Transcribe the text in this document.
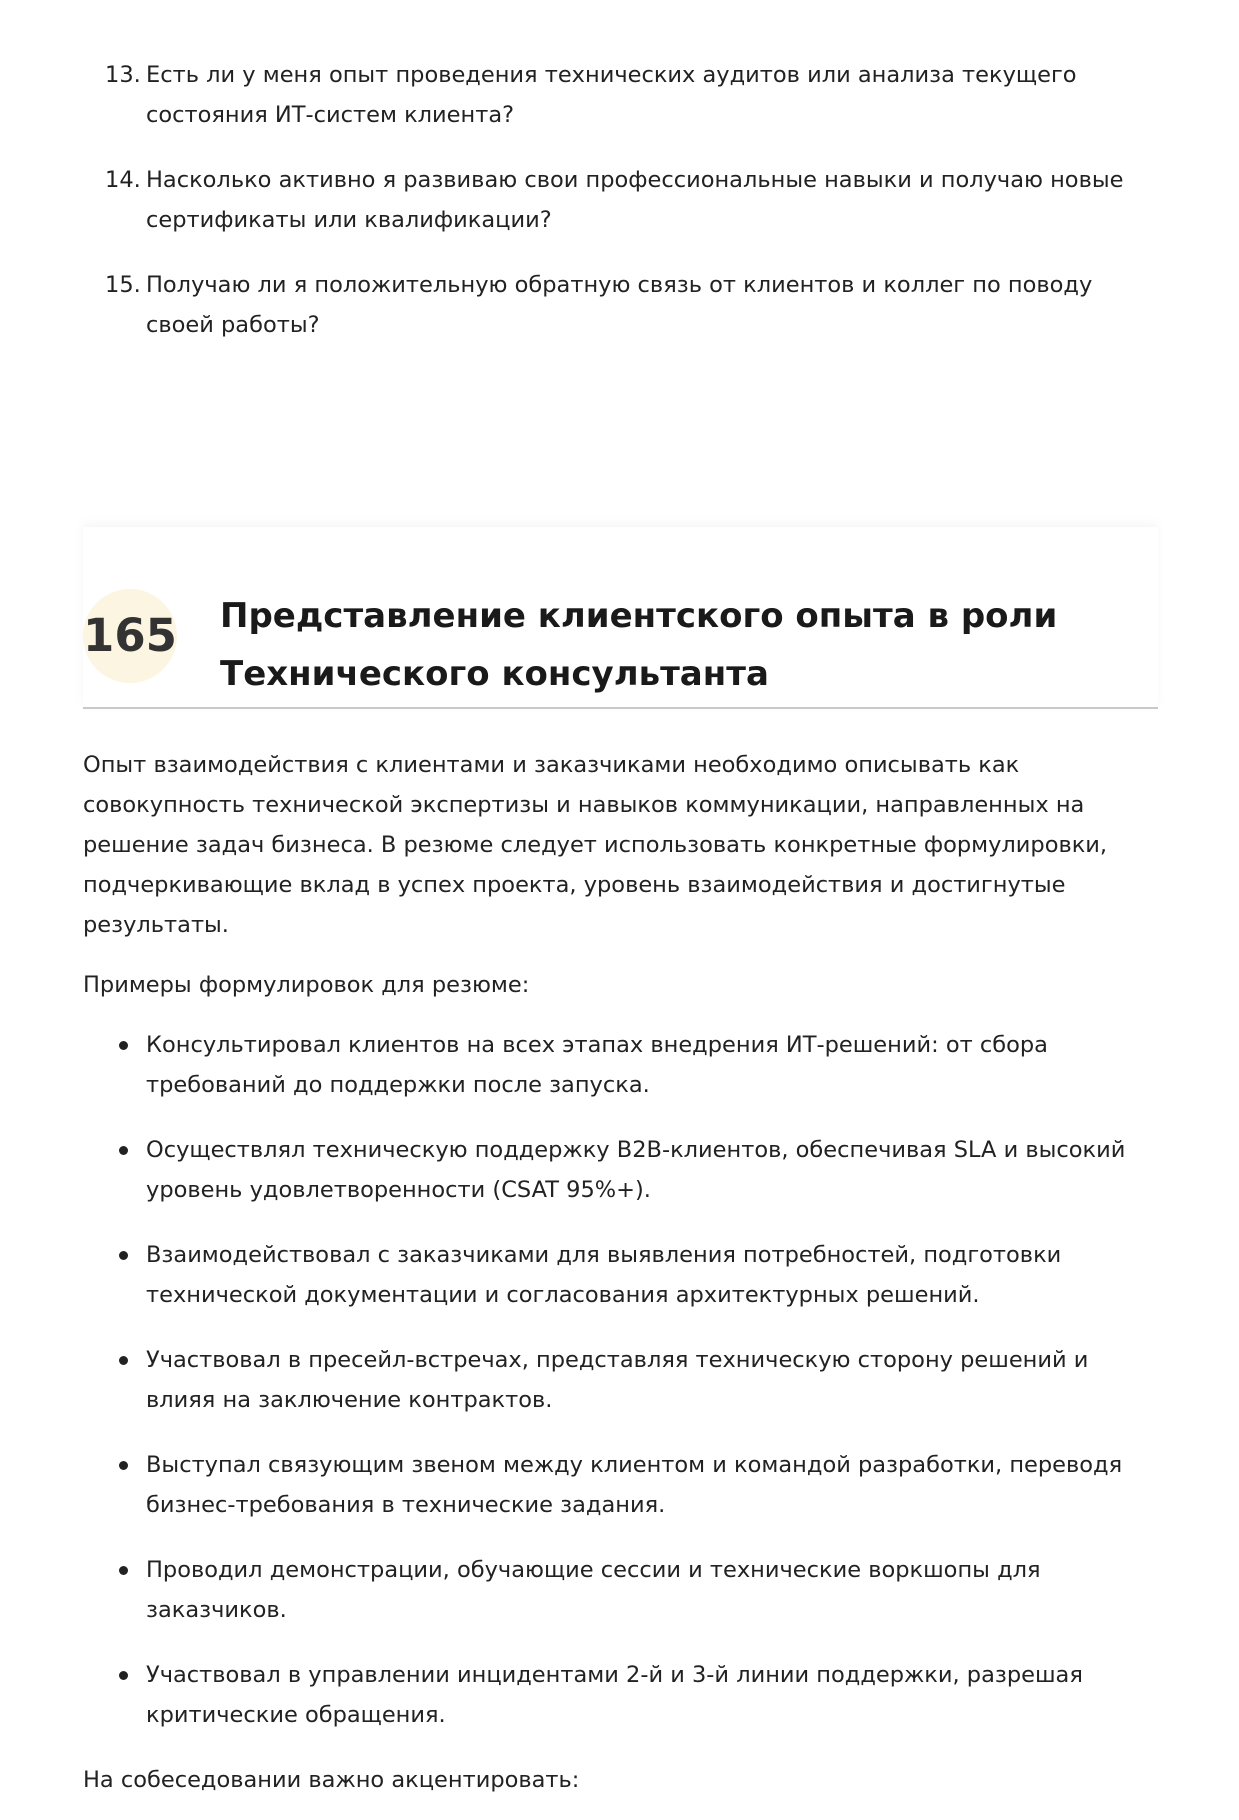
13. Есть ли у меня опыт проведения технических аудитов или анализа текущего состояния ИТ-систем клиента?
14. Насколько активно я развиваю свои профессиональные навыки и получаю новые сертификаты или квалификации?
15. Получаю ли я положительную обратную связь от клиентов и коллег по поводу своей работы?
165 Представление клиентского опыта в роли Технического консультанта

Опыт взаимодействия с клиентами и заказчиками необходимо описывать как совокупность технической экспертизы и навыков коммуникации, направленных на решение задач бизнеса. В резюме следует использовать конкретные формулировки, подчеркивающие вклад в успех проекта, уровень взаимодействия и достигнутые результаты.

Примеры формулировок для резюме:

Консультировал клиентов на всех этапах внедрения ИТ-решений: от сбора требований до поддержки после запуска.
Осуществлял техническую поддержку B2B-клиентов, обеспечивая SLA и высокий уровень удовлетворенности (CSAT 95%+).
Взаимодействовал с заказчиками для выявления потребностей, подготовки технической документации и согласования архитектурных решений.
Участвовал в пресейл-встречах, представляя техническую сторону решений и влияя на заключение контрактов.
Выступал связующим звеном между клиентом и командой разработки, переводя бизнес-требования в технические задания.
Проводил демонстрации, обучающие сессии и технические воркшопы для заказчиков.
Участвовал в управлении инцидентами 2-й и 3-й линии поддержки, разрешая критические обращения.

На собеседовании важно акцентировать:
